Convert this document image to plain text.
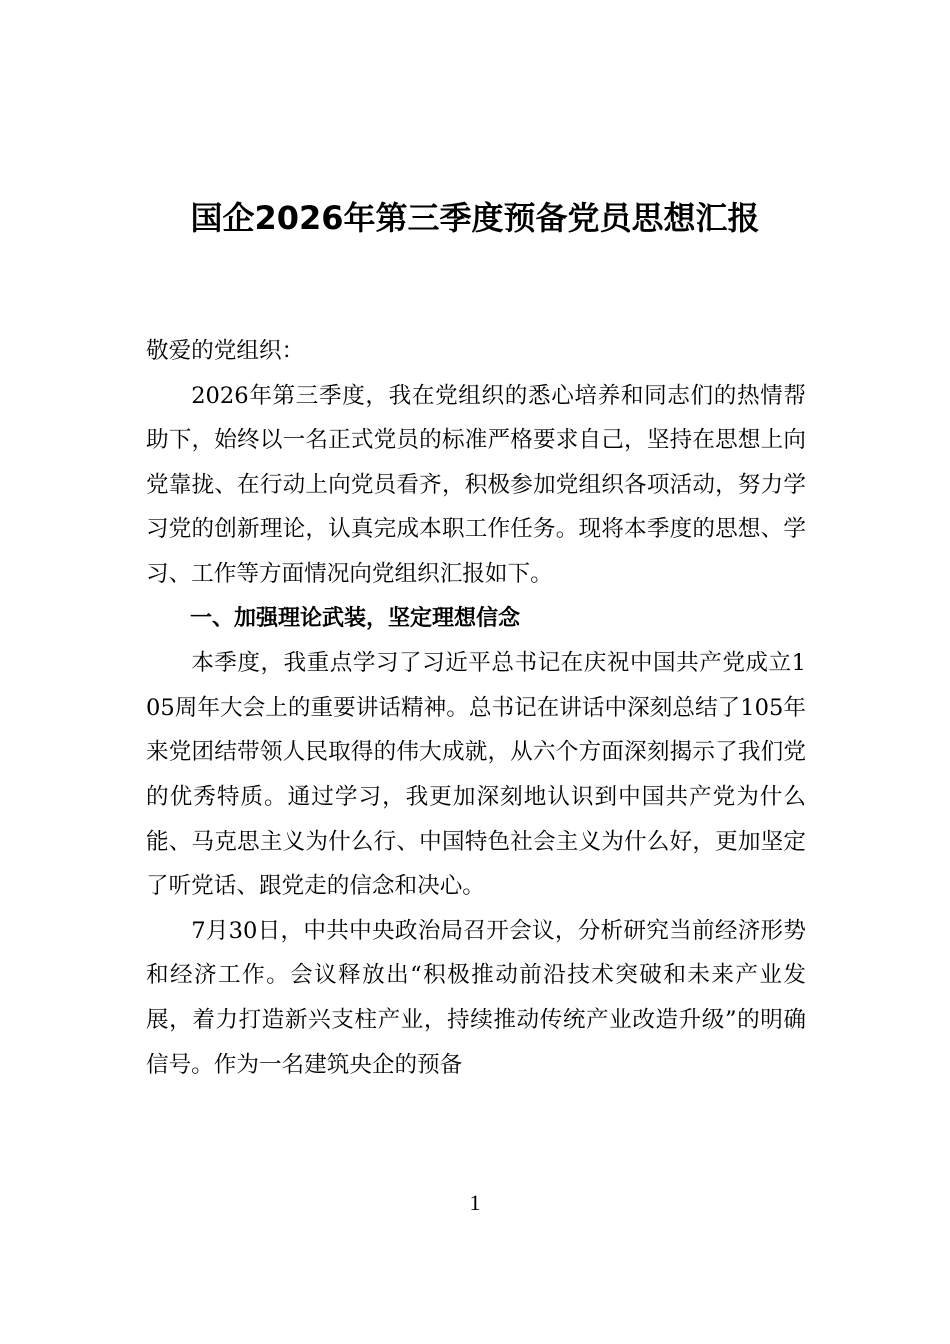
国企2026年第三季度预备党员思想汇报

敬爱的党组织：

2026年第三季度，我在党组织的悉心培养和同志们的热情帮助下，始终以一名正式党员的标准严格要求自己，坚持在思想上向党靠拢、在行动上向党员看齐，积极参加党组织各项活动，努力学习党的创新理论，认真完成本职工作任务。现将本季度的思想、学习、工作等方面情况向党组织汇报如下。

一、加强理论武装，坚定理想信念

本季度，我重点学习了习近平总书记在庆祝中国共产党成立105周年大会上的重要讲话精神。总书记在讲话中深刻总结了105年来党团结带领人民取得的伟大成就，从六个方面深刻揭示了我们党的优秀特质。通过学习，我更加深刻地认识到中国共产党为什么能、马克思主义为什么行、中国特色社会主义为什么好，更加坚定了听党话、跟党走的信念和决心。

7月30日，中共中央政治局召开会议，分析研究当前经济形势和经济工作。会议释放出“积极推动前沿技术突破和未来产业发展，着力打造新兴支柱产业，持续推动传统产业改造升级”的明确信号。作为一名建筑央企的预备

1
